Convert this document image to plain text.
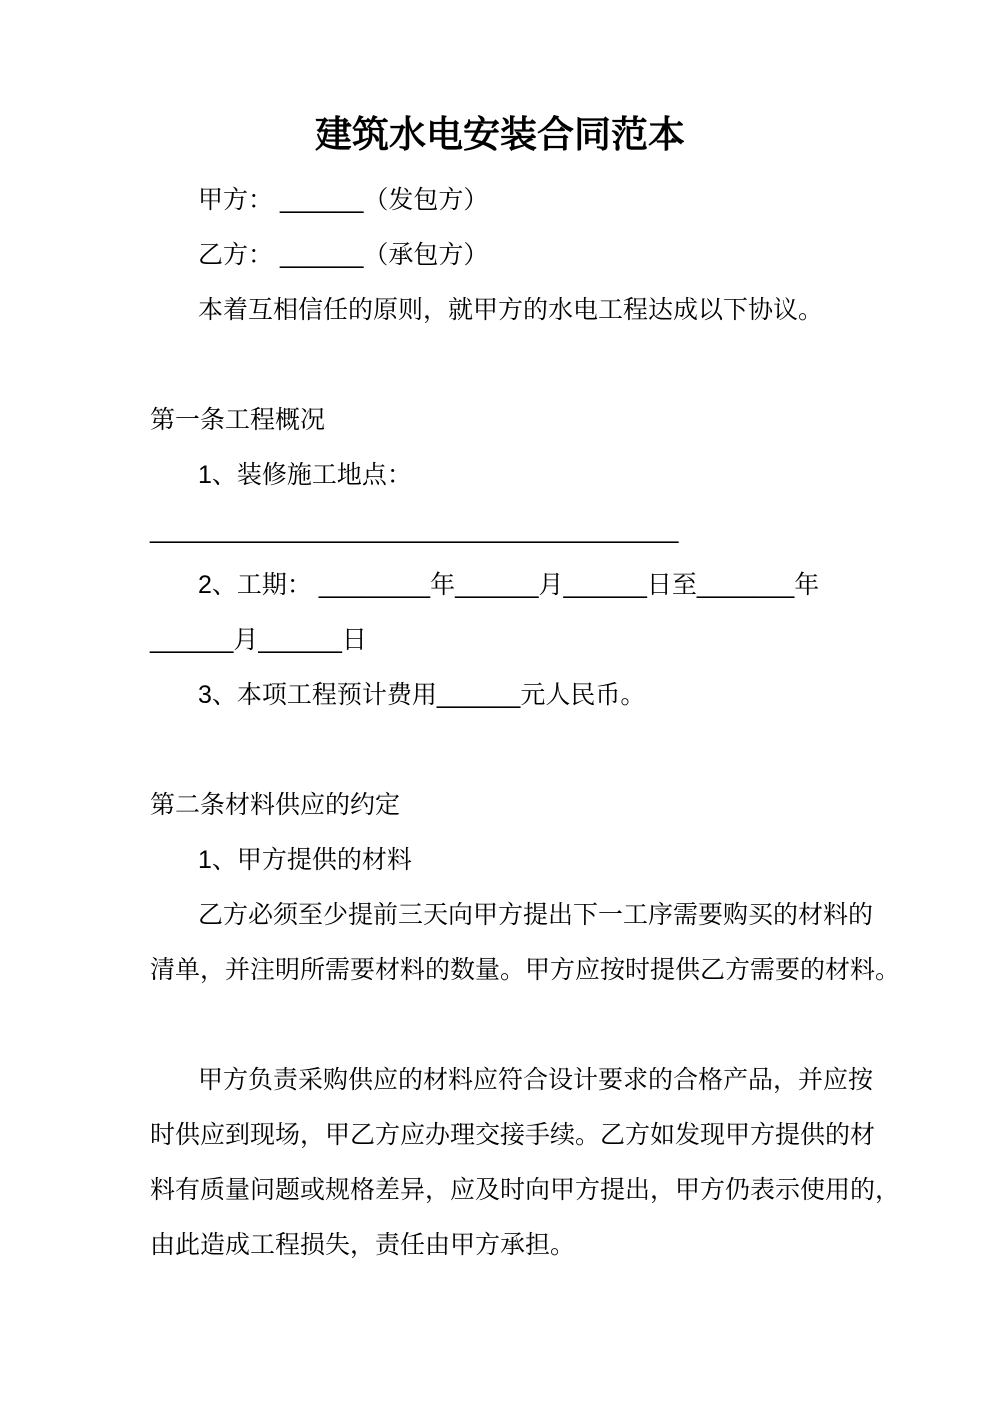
建筑水电安装合同范本
甲方： ______（发包方）
乙方： ______（承包方）
本着互相信任的原则，就甲方的水电工程达成以下协议。
第一条工程概况
1、装修施工地点：
______________________________________
2、工期： ________年______月______日至_______年
______月______日
3、本项工程预计费用______元人民币。
第二条材料供应的约定
1、甲方提供的材料
乙方必须至少提前三天向甲方提出下一工序需要购买的材料的
清单，并注明所需要材料的数量。甲方应按时提供乙方需要的材料。
甲方负责采购供应的材料应符合设计要求的合格产品，并应按
时供应到现场，甲乙方应办理交接手续。乙方如发现甲方提供的材
料有质量问题或规格差异，应及时向甲方提出，甲方仍表示使用的，
由此造成工程损失，责任由甲方承担。
